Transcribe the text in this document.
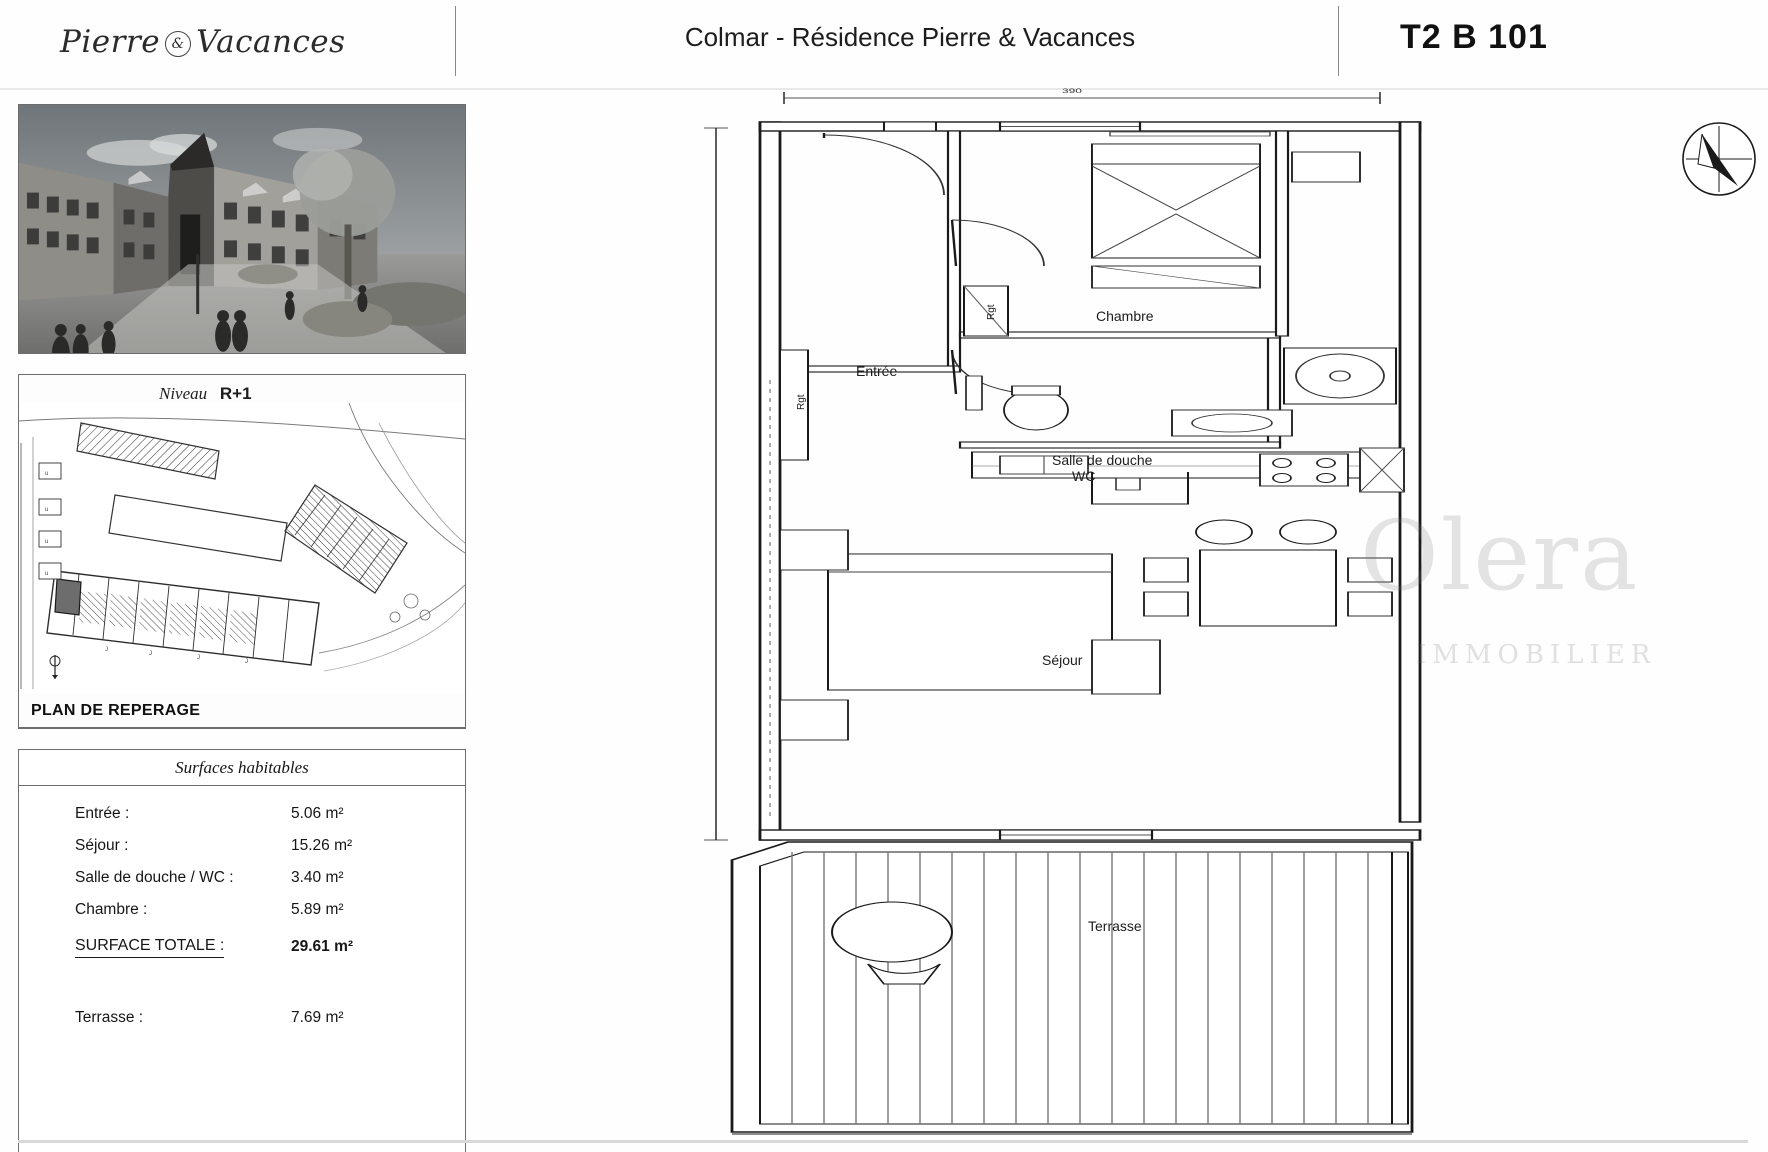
Pierre & Vacances	Colmar - Résidence Pierre & Vacances	T2 B 101
Niveau R+1
u
u
u
u
J
J
J
J
PLAN DE REPERAGE
Surfaces habitables
Entrée :	5.06 m²
Séjour :	15.26 m²
Salle de douche / WC :	3.40 m²
Chambre :	5.89 m²
SURFACE TOTALE :	29.61 m²
Terrasse :	7.69 m²
390
Entrée
Chambre
Salle de douche
WC
Séjour
Terrasse
Rgt
Rgt
Olera
IMMOBILIER
